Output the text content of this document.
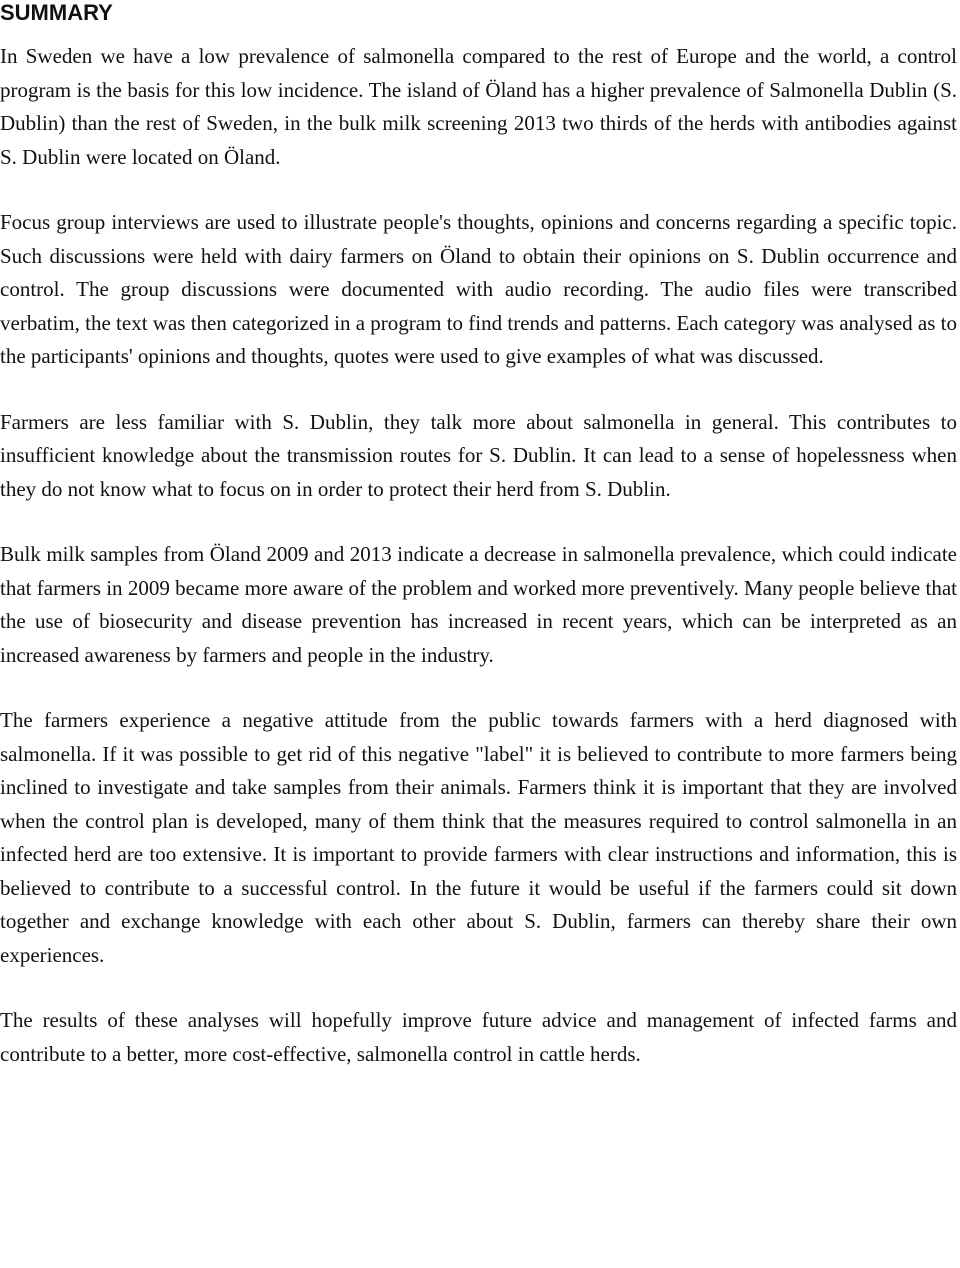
SUMMARY

In Sweden we have a low prevalence of salmonella compared to the rest of Europe and the world, a control program is the basis for this low incidence. The island of Öland has a higher prevalence of Salmonella Dublin (S. Dublin) than the rest of Sweden, in the bulk milk screening 2013 two thirds of the herds with antibodies against S. Dublin were located on Öland.

Focus group interviews are used to illustrate people's thoughts, opinions and concerns regarding a specific topic. Such discussions were held with dairy farmers on Öland to obtain their opinions on S. Dublin occurrence and control. The group discussions were documented with audio recording. The audio files were transcribed verbatim, the text was then categorized in a program to find trends and patterns. Each category was analysed as to the participants' opinions and thoughts, quotes were used to give examples of what was discussed.

Farmers are less familiar with S. Dublin, they talk more about salmonella in general. This contributes to insufficient knowledge about the transmission routes for S. Dublin. It can lead to a sense of hopelessness when they do not know what to focus on in order to protect their herd from S. Dublin.

Bulk milk samples from Öland 2009 and 2013 indicate a decrease in salmonella prevalence, which could indicate that farmers in 2009 became more aware of the problem and worked more preventively. Many people believe that the use of biosecurity and disease prevention has increased in recent years, which can be interpreted as an increased awareness by farmers and people in the industry.

The farmers experience a negative attitude from the public towards farmers with a herd diagnosed with salmonella. If it was possible to get rid of this negative "label" it is believed to contribute to more farmers being inclined to investigate and take samples from their animals. Farmers think it is important that they are involved when the control plan is developed, many of them think that the measures required to control salmonella in an infected herd are too extensive. It is important to provide farmers with clear instructions and information, this is believed to contribute to a successful control. In the future it would be useful if the farmers could sit down together and exchange knowledge with each other about S. Dublin, farmers can thereby share their own experiences.

The results of these analyses will hopefully improve future advice and management of infected farms and contribute to a better, more cost-effective, salmonella control in cattle herds.
